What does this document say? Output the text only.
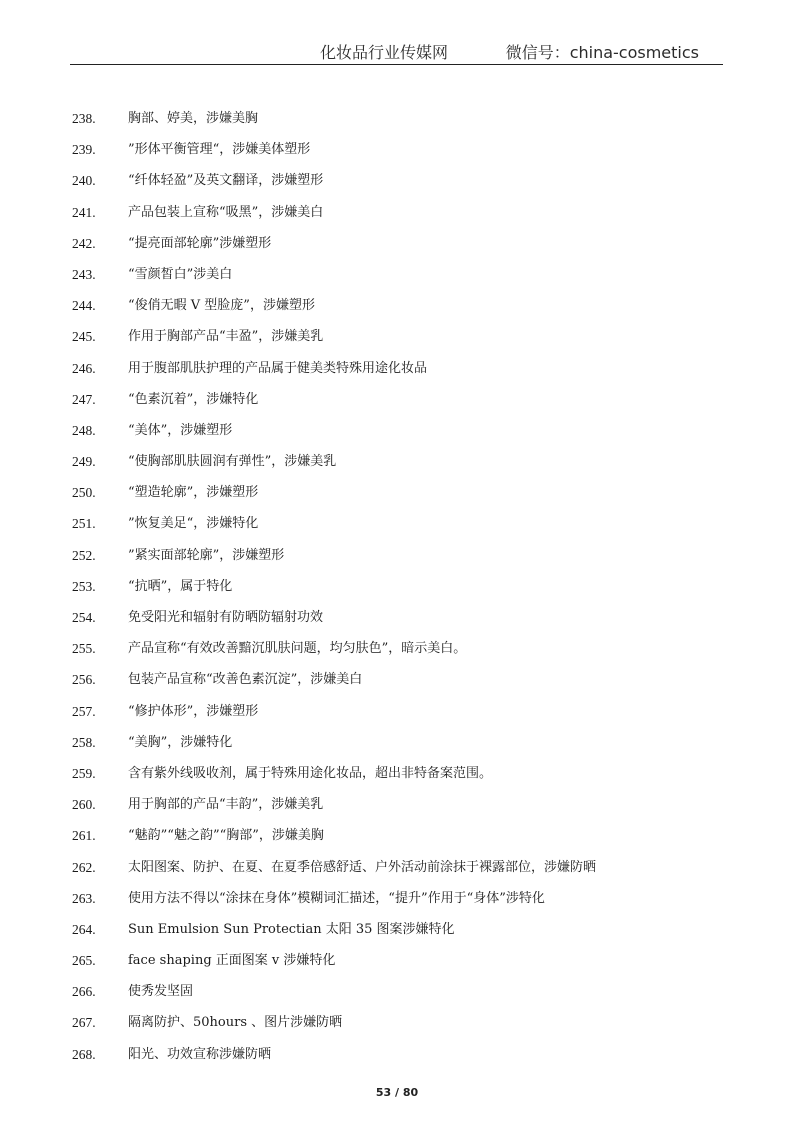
化妆品行业传媒网	微信号：china-cosmetics
238.	胸部、婷美，涉嫌美胸
239.	”形体平衡管理“，涉嫌美体塑形
240.	“纤体轻盈”及英文翻译，涉嫌塑形
241.	产品包装上宣称“吸黑”，涉嫌美白
242.	“提亮面部轮廓”涉嫌塑形
243.	“雪颜皙白”涉美白
244.	“俊俏无暇 V 型脸庞”，涉嫌塑形
245.	作用于胸部产品“丰盈”，涉嫌美乳
246.	用于腹部肌肤护理的产品属于健美类特殊用途化妆品
247.	“色素沉着”，涉嫌特化
248.	“美体”，涉嫌塑形
249.	“使胸部肌肤圆润有弹性”，涉嫌美乳
250.	“塑造轮廓”，涉嫌塑形
251.	”恢复美足“，涉嫌特化
252.	”紧实面部轮廓”，涉嫌塑形
253.	“抗晒”，属于特化
254.	免受阳光和辐射有防晒防辐射功效
255.	产品宣称“有效改善黯沉肌肤问题，均匀肤色”，暗示美白。
256.	包装产品宣称“改善色素沉淀”，涉嫌美白
257.	“修护体形”，涉嫌塑形
258.	“美胸”，涉嫌特化
259.	含有紫外线吸收剂，属于特殊用途化妆品，超出非特备案范围。
260.	用于胸部的产品“丰韵”，涉嫌美乳
261.	“魅韵”“魅之韵”“胸部”，涉嫌美胸
262.	太阳图案、防护、在夏、在夏季倍感舒适、户外活动前涂抹于裸露部位，涉嫌防晒
263.	使用方法不得以“涂抹在身体”模糊词汇描述，“提升”作用于“身体”涉特化
264.	Sun Emulsion Sun Protectian 太阳 35 图案涉嫌特化
265.	face shaping 正面图案 v 涉嫌特化
266.	使秀发坚固
267.	隔离防护、50hours 、图片涉嫌防晒
268.	阳光、功效宣称涉嫌防晒
53 / 80
